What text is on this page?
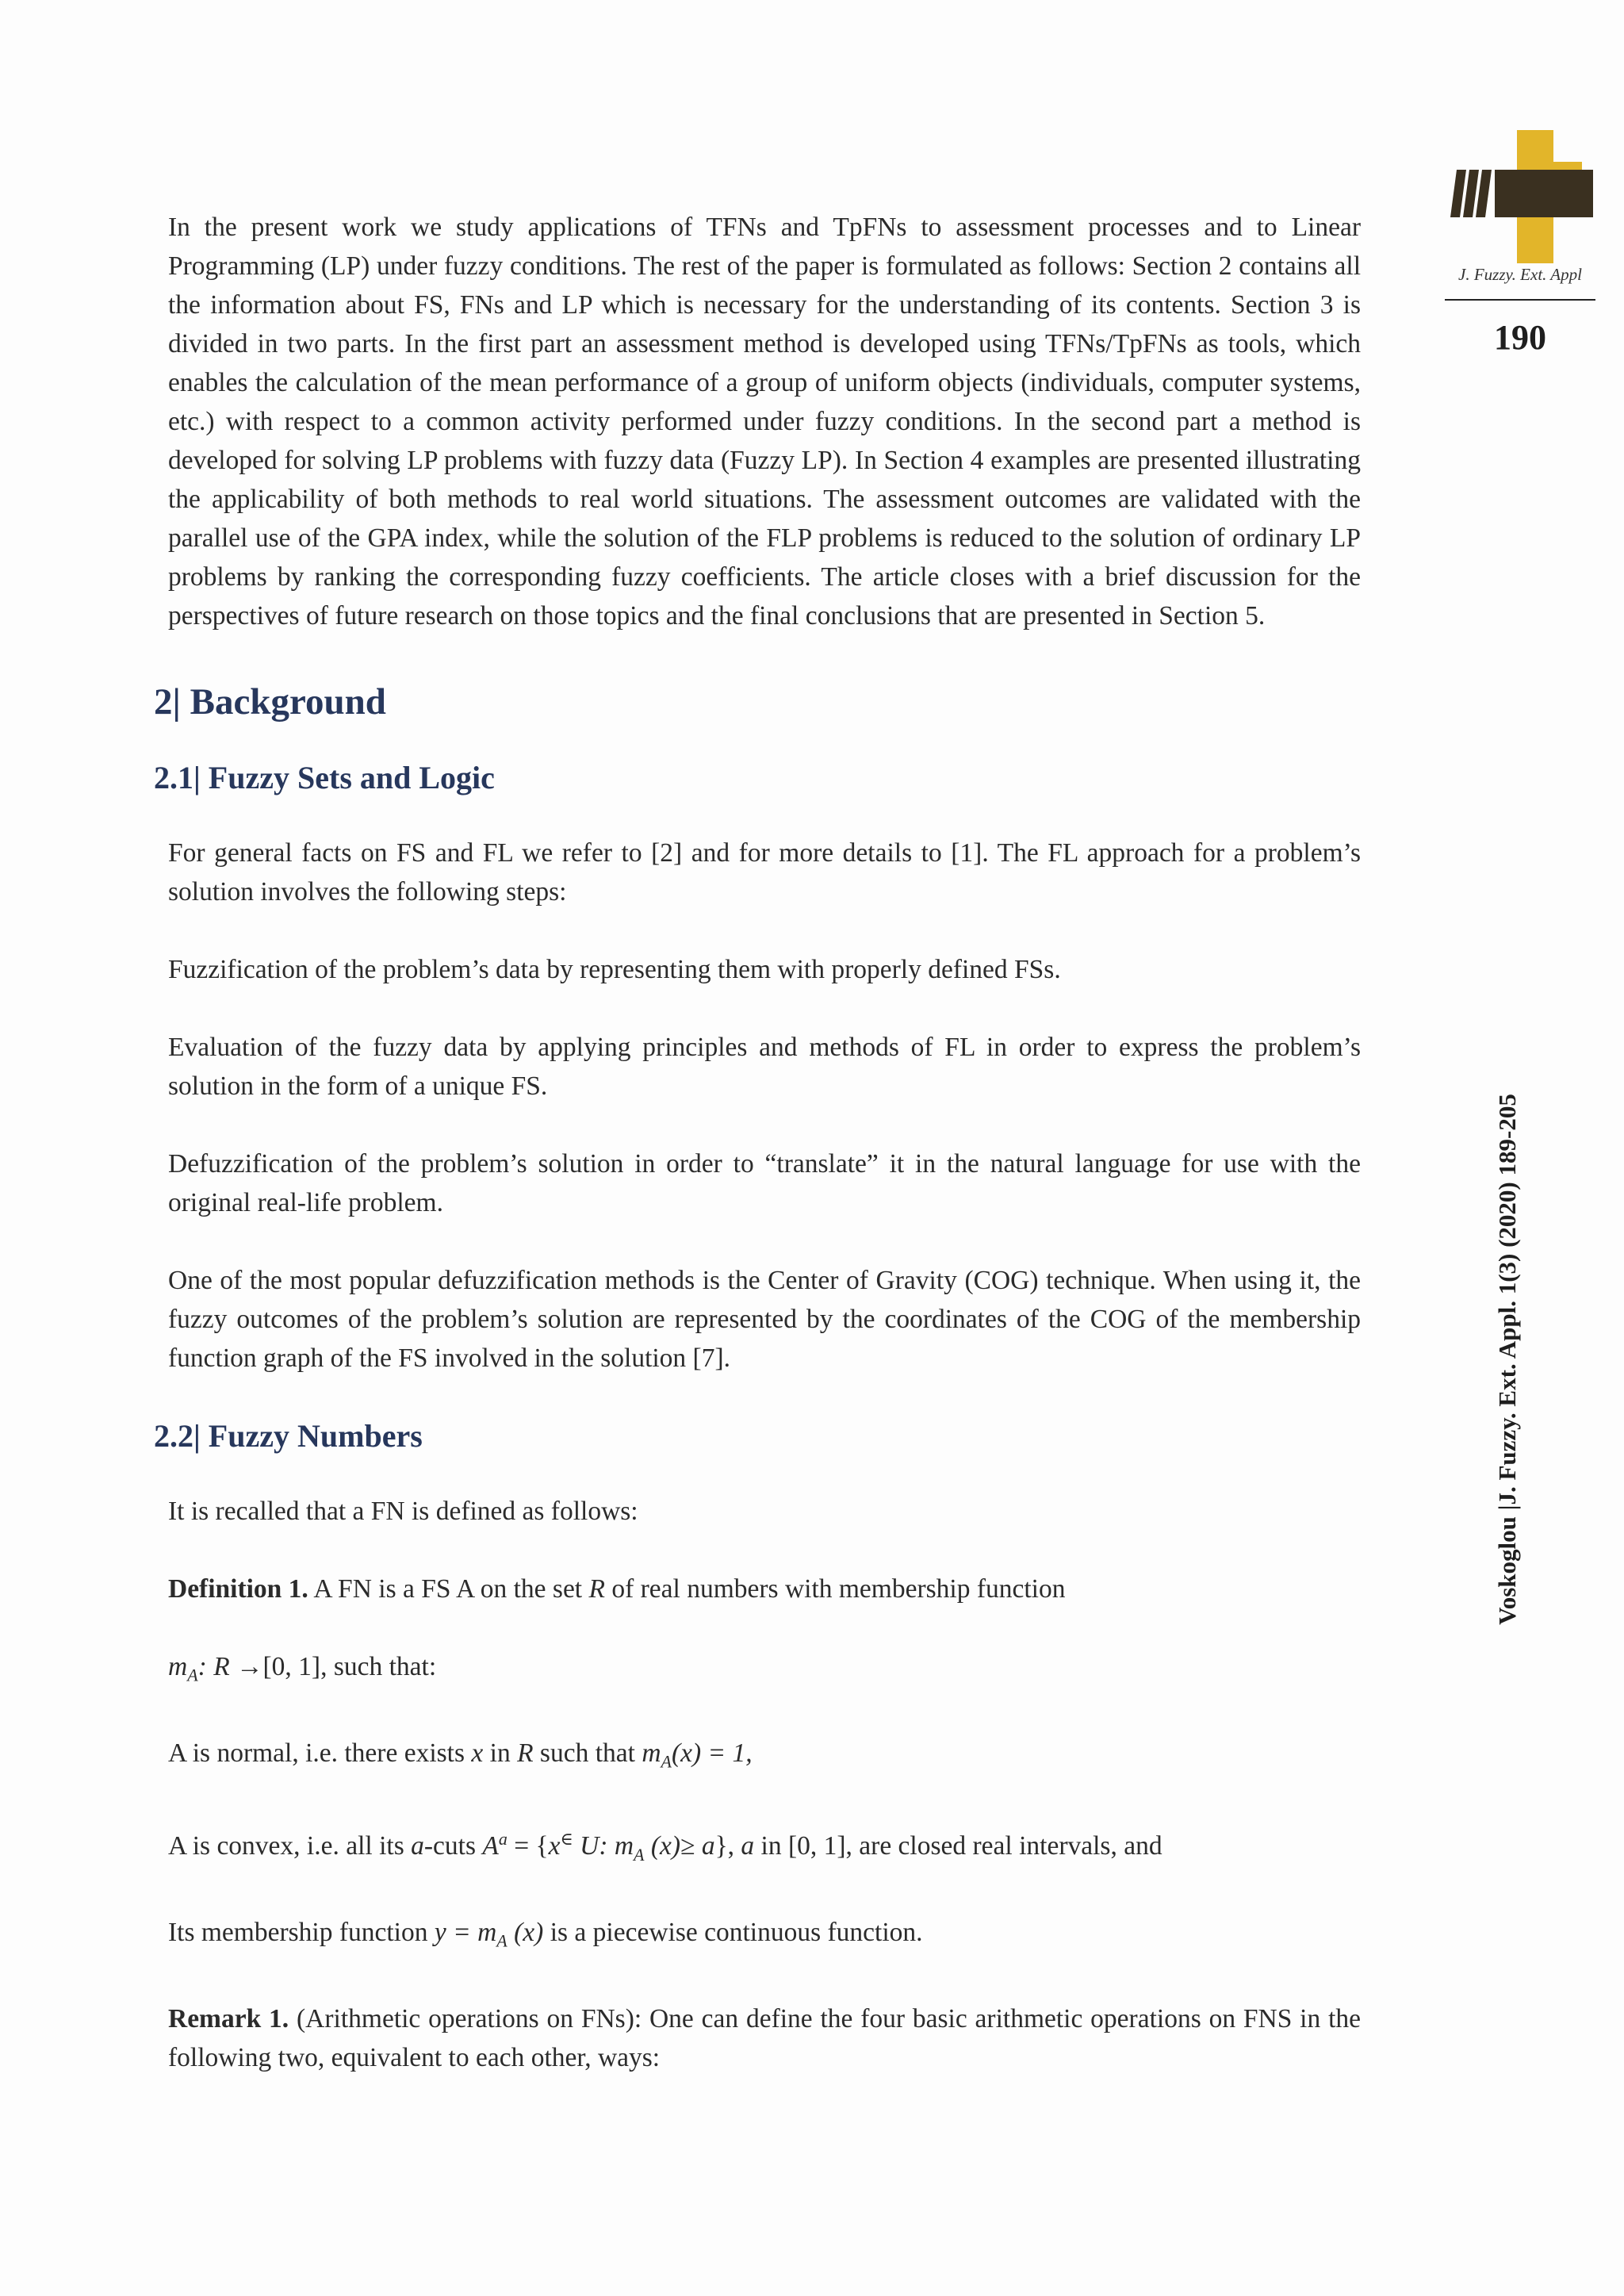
J. Fuzzy. Ext. Appl
190
Voskoglou |J. Fuzzy. Ext. Appl. 1(3) (2020) 189-205

In the present work we study applications of TFNs and TpFNs to assessment processes and to Linear Programming (LP) under fuzzy conditions. The rest of the paper is formulated as follows: Section 2 contains all the information about FS, FNs and LP which is necessary for the understanding of its contents. Section 3 is divided in two parts. In the first part an assessment method is developed using TFNs/TpFNs as tools, which enables the calculation of the mean performance of a group of uniform objects (individuals, computer systems, etc.) with respect to a common activity performed under fuzzy conditions. In the second part a method is developed for solving LP problems with fuzzy data (Fuzzy LP). In Section 4 examples are presented illustrating the applicability of both methods to real world situations. The assessment outcomes are validated with the parallel use of the GPA index, while the solution of the FLP problems is reduced to the solution of ordinary LP problems by ranking the corresponding fuzzy coefficients. The article closes with a brief discussion for the perspectives of future research on those topics and the final conclusions that are presented in Section 5.

2| Background
2.1| Fuzzy Sets and Logic

For general facts on FS and FL we refer to [2] and for more details to [1]. The FL approach for a problem’s solution involves the following steps:

Fuzzification of the problem’s data by representing them with properly defined FSs.

Evaluation of the fuzzy data by applying principles and methods of FL in order to express the problem’s solution in the form of a unique FS.

Defuzzification of the problem’s solution in order to “translate” it in the natural language for use with the original real-life problem.

One of the most popular defuzzification methods is the Center of Gravity (COG) technique. When using it, the fuzzy outcomes of the problem’s solution are represented by the coordinates of the COG of the membership function graph of the FS involved in the solution [7].

2.2| Fuzzy Numbers

It is recalled that a FN is defined as follows:

Definition 1. A FN is a FS A on the set R of real numbers with membership function

$m_A$: R →[0, 1], such that:

A is normal, i.e. there exists x in R such that $m_A(x) = 1$,

A is convex, i.e. all its a-cuts $A^a = \{x^\in$ U: $m_A$ (x)≥ a}, a in [0, 1], are closed real intervals, and

Its membership function $y = m_A$ (x) is a piecewise continuous function.

Remark 1. (Arithmetic operations on FNs): One can define the four basic arithmetic operations on FNS in the following two, equivalent to each other, ways:
